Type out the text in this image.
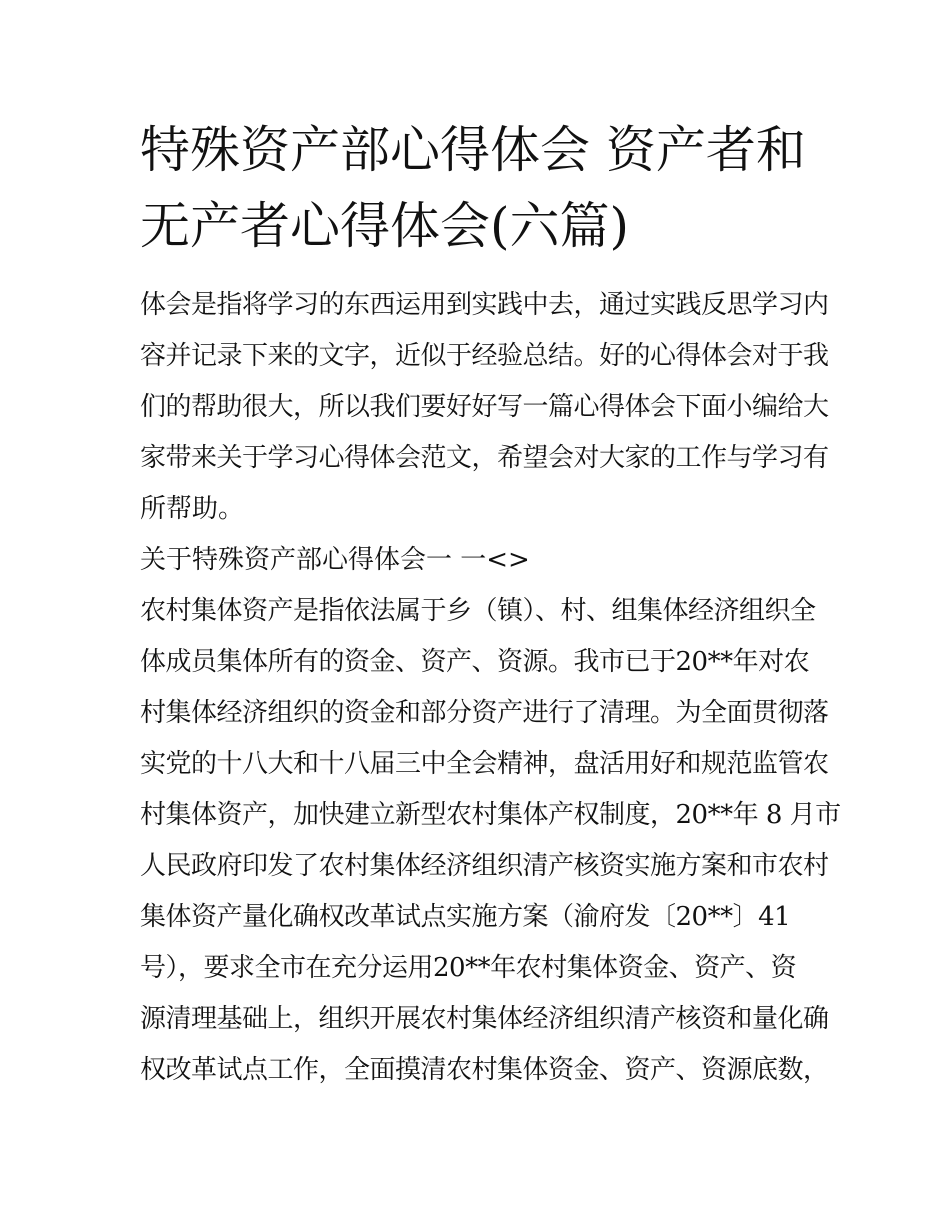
特殊资产部心得体会 资产者和
无产者心得体会(六篇)
体会是指将学习的东西运用到实践中去，通过实践反思学习内
容并记录下来的文字，近似于经验总结。好的心得体会对于我
们的帮助很大，所以我们要好好写一篇心得体会下面小编给大
家带来关于学习心得体会范文，希望会对大家的工作与学习有
所帮助。
关于特殊资产部心得体会一 一<>
农村集体资产是指依法属于乡（镇）、村、组集体经济组织全
体成员集体所有的资金、资产、资源。我市已于20**年对农
村集体经济组织的资金和部分资产进行了清理。为全面贯彻落
实党的十八大和十八届三中全会精神，盘活用好和规范监管农
村集体资产，加快建立新型农村集体产权制度，20**年 8 月市
人民政府印发了农村集体经济组织清产核资实施方案和市农村
集体资产量化确权改革试点实施方案（渝府发〔20**〕41
号），要求全市在充分运用20**年农村集体资金、资产、资
源清理基础上，组织开展农村集体经济组织清产核资和量化确
权改革试点工作，全面摸清农村集体资金、资产、资源底数，
